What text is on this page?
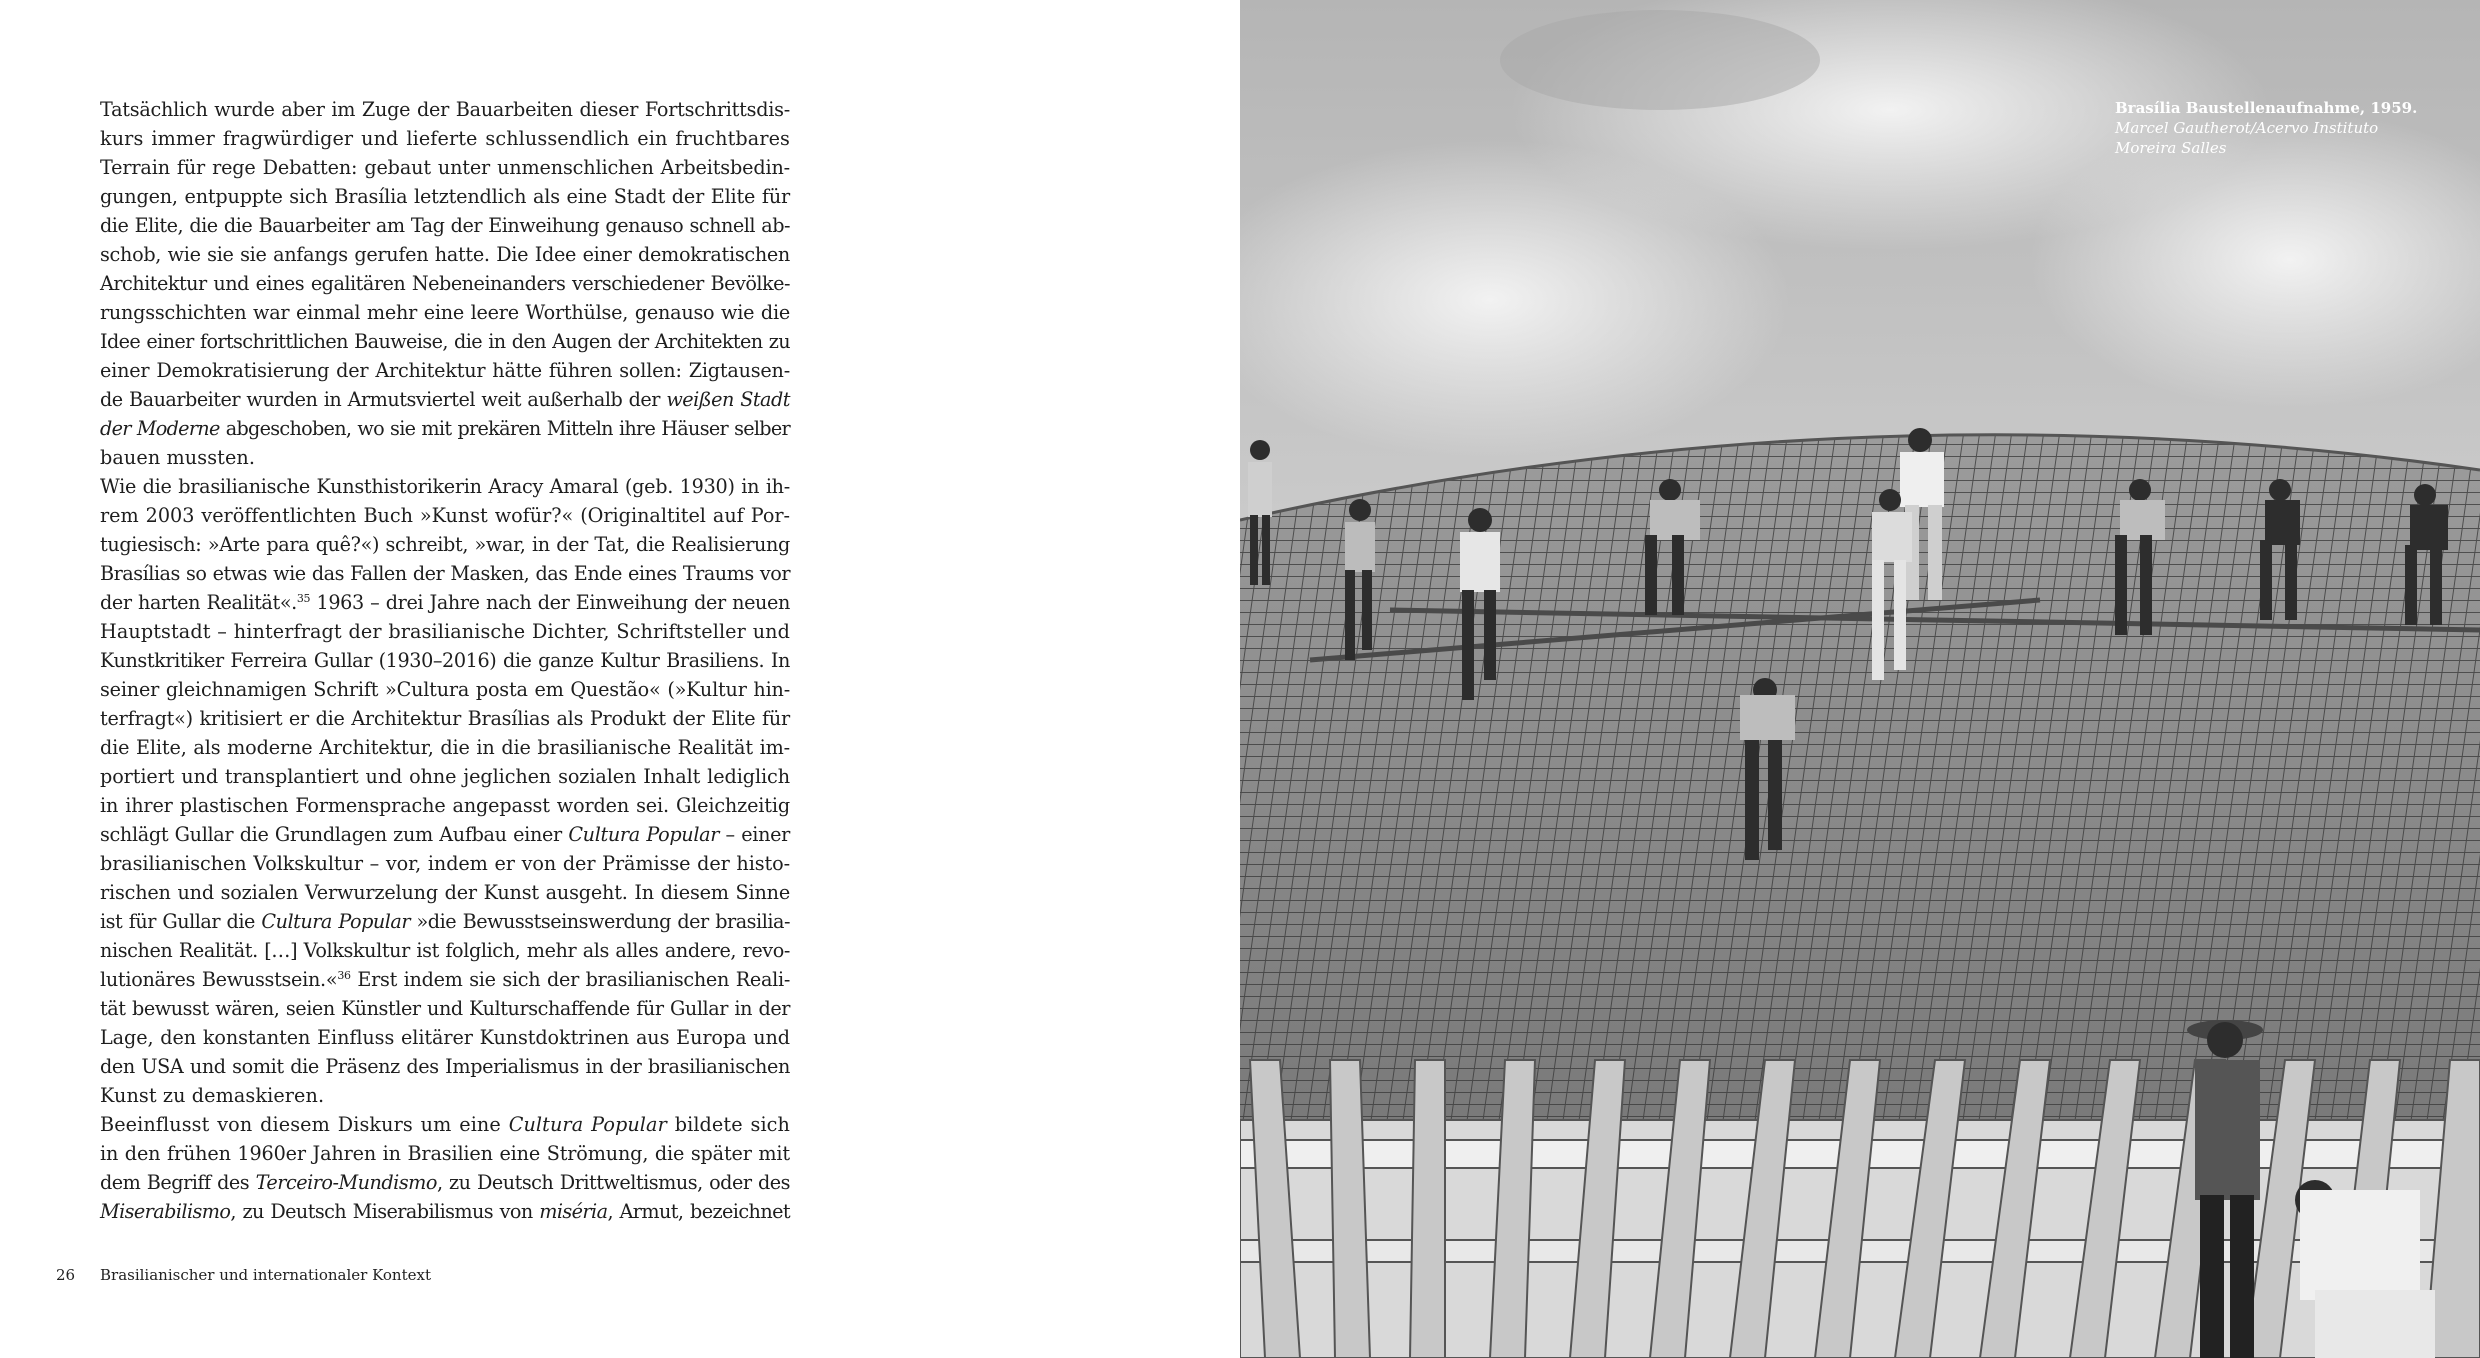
Tatsächlich wurde aber im Zuge der Bauarbeiten dieser Fortschrittsdis-
kurs immer fragwürdiger und lieferte schlussendlich ein fruchtbares
Terrain für rege Debatten: gebaut unter unmenschlichen Arbeitsbedin-
gungen, entpuppte sich Brasília letztendlich als eine Stadt der Elite für
die Elite, die die Bauarbeiter am Tag der Einweihung genauso schnell ab-
schob, wie sie sie anfangs gerufen hatte. Die Idee einer demokratischen
Architektur und eines egalitären Nebeneinanders verschiedener Bevölke-
rungsschichten war einmal mehr eine leere Worthülse, genauso wie die
Idee einer fortschrittlichen Bauweise, die in den Augen der Architekten zu
einer Demokratisierung der Architektur hätte führen sollen: Zigtausen-
de Bauarbeiter wurden in Armutsviertel weit außerhalb der weißen Stadt
der Moderne abgeschoben, wo sie mit prekären Mitteln ihre Häuser selber
bauen mussten.
Wie die brasilianische Kunsthistorikerin Aracy Amaral (geb. 1930) in ih-
rem 2003 veröffentlichten Buch »Kunst wofür?« (Originaltitel auf Por-
tugiesisch: »Arte para quê?«) schreibt, »war, in der Tat, die Realisierung
Brasílias so etwas wie das Fallen der Masken, das Ende eines Traums vor
der harten Realität«.$^{35}$ 1963 – drei Jahre nach der Einweihung der neuen
Hauptstadt – hinterfragt der brasilianische Dichter, Schriftsteller und
Kunstkritiker Ferreira Gullar (1930–2016) die ganze Kultur Brasiliens. In
seiner gleichnamigen Schrift »Cultura posta em Questão« (»Kultur hin-
terfragt«) kritisiert er die Architektur Brasílias als Produkt der Elite für
die Elite, als moderne Architektur, die in die brasilianische Realität im-
portiert und transplantiert und ohne jeglichen sozialen Inhalt lediglich
in ihrer plastischen Formensprache angepasst worden sei. Gleichzeitig
schlägt Gullar die Grundlagen zum Aufbau einer Cultura Popular – einer
brasilianischen Volkskultur – vor, indem er von der Prämisse der histo-
rischen und sozialen Verwurzelung der Kunst ausgeht. In diesem Sinne
ist für Gullar die Cultura Popular »die Bewusstseinswerdung der brasilia-
nischen Realität. […] Volkskultur ist folglich, mehr als alles andere, revo-
lutionäres Bewusstsein.«$^{36}$ Erst indem sie sich der brasilianischen Reali-
tät bewusst wären, seien Künstler und Kulturschaffende für Gullar in der
Lage, den konstanten Einfluss elitärer Kunstdoktrinen aus Europa und
den USA und somit die Präsenz des Imperialismus in der brasilianischen
Kunst zu demaskieren.
Beeinflusst von diesem Diskurs um eine Cultura Popular bildete sich
in den frühen 1960er Jahren in Brasilien eine Strömung, die später mit
dem Begriff des Terceiro-Mundismo, zu Deutsch Drittweltismus, oder des
Miserabilismo, zu Deutsch Miserabilismus von miséria, Armut, bezeichnet
26 Brasilianischer und internationaler Kontext
Brasília Baustellenaufnahme, 1959.
Marcel Gautherot/Acervo Instituto
Moreira Salles
